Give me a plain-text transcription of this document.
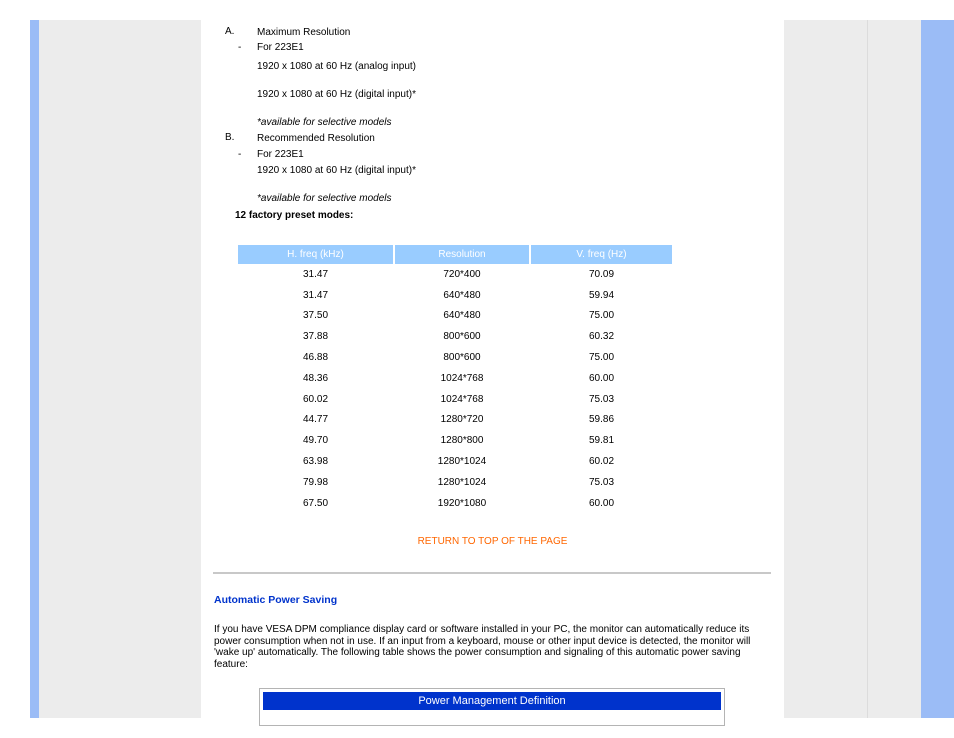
A. Maximum Resolution
- For 223E1
1920 x 1080 at 60 Hz (analog input)
1920 x 1080 at 60 Hz (digital input)*
*available for selective models
B. Recommended Resolution
- For 223E1
1920 x 1080 at 60 Hz (digital input)*
*available for selective models
12 factory preset modes:
H. freq (kHz)	Resolution	V. freq (Hz)
31.47	720*400	70.09
31.47	640*480	59.94
37.50	640*480	75.00
37.88	800*600	60.32
46.88	800*600	75.00
48.36	1024*768	60.00
60.02	1024*768	75.03
44.77	1280*720	59.86
49.70	1280*800	59.81
63.98	1280*1024	60.02
79.98	1280*1024	75.03
67.50	1920*1080	60.00
RETURN TO TOP OF THE PAGE
Automatic Power Saving
If you have VESA DPM compliance display card or software installed in your PC, the monitor can automatically reduce its power consumption when not in use. If an input from a keyboard, mouse or other input device is detected, the monitor will 'wake up' automatically. The following table shows the power consumption and signaling of this automatic power saving feature:
Power Management Definition
